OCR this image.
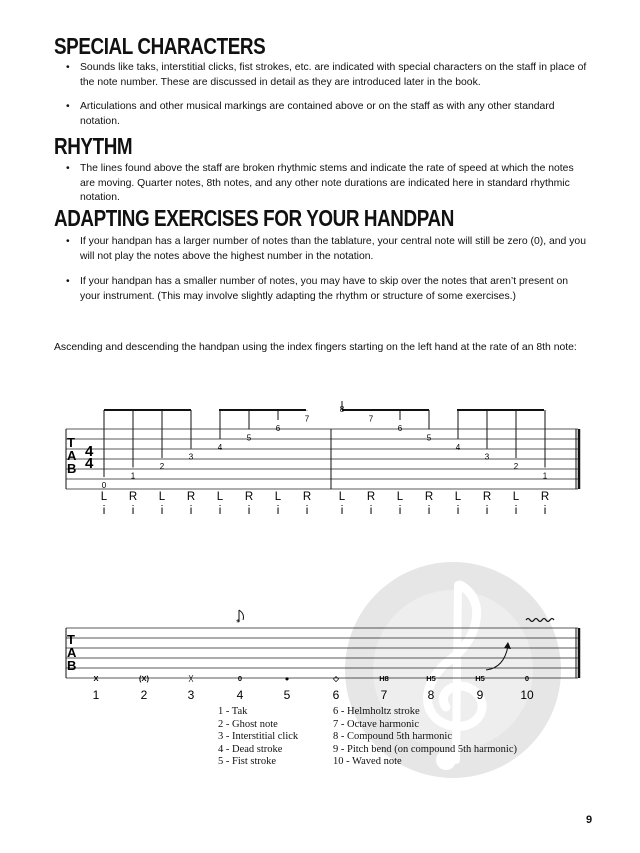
SPECIAL CHARACTERS

• Sounds like taks, interstitial clicks, fist strokes, etc. are indicated with special characters on the staff in place of the note number. These are discussed in detail as they are introduced later in the book.

• Articulations and other musical markings are contained above or on the staff as with any other standard notation.

RHYTHM

• The lines found above the staff are broken rhythmic stems and indicate the rate of speed at which the notes are moving. Quarter notes, 8th notes, and any other note durations are indicated here in standard rhythmic notation.

ADAPTING EXERCISES FOR YOUR HANDPAN

• If your handpan has a larger number of notes than the tablature, your central note will still be zero (0), and you will not play the notes above the highest number in the notation.

• If your handpan has a smaller number of notes, you may have to skip over the notes that aren’t present on your instrument. (This may involve slightly adapting the rhythm or structure of some exercises.)

Ascending and descending the handpan using the index fingers starting on the left hand at the rate of an 8th note:

T
A
B
4
4
0
1
2
3
4
5
6
7
8
7
6
5
4
3
2
1
L R L R L R L R L R L R L R L R
i i i i i i i i	i i i i i i i i
*
T
A
B
X	(X)	ᚷ	0	●	◇	H8	H5	H5	0
1	2	3	4	5	6	7	8	9	10
1 - Tak
2 - Ghost note
3 - Interstitial click
4 - Dead stroke
5 - Fist stroke
6 - Helmholtz stroke
7 - Octave harmonic
8 - Compound 5th harmonic
9 - Pitch bend (on compound 5th harmonic)
10 - Waved note
9
